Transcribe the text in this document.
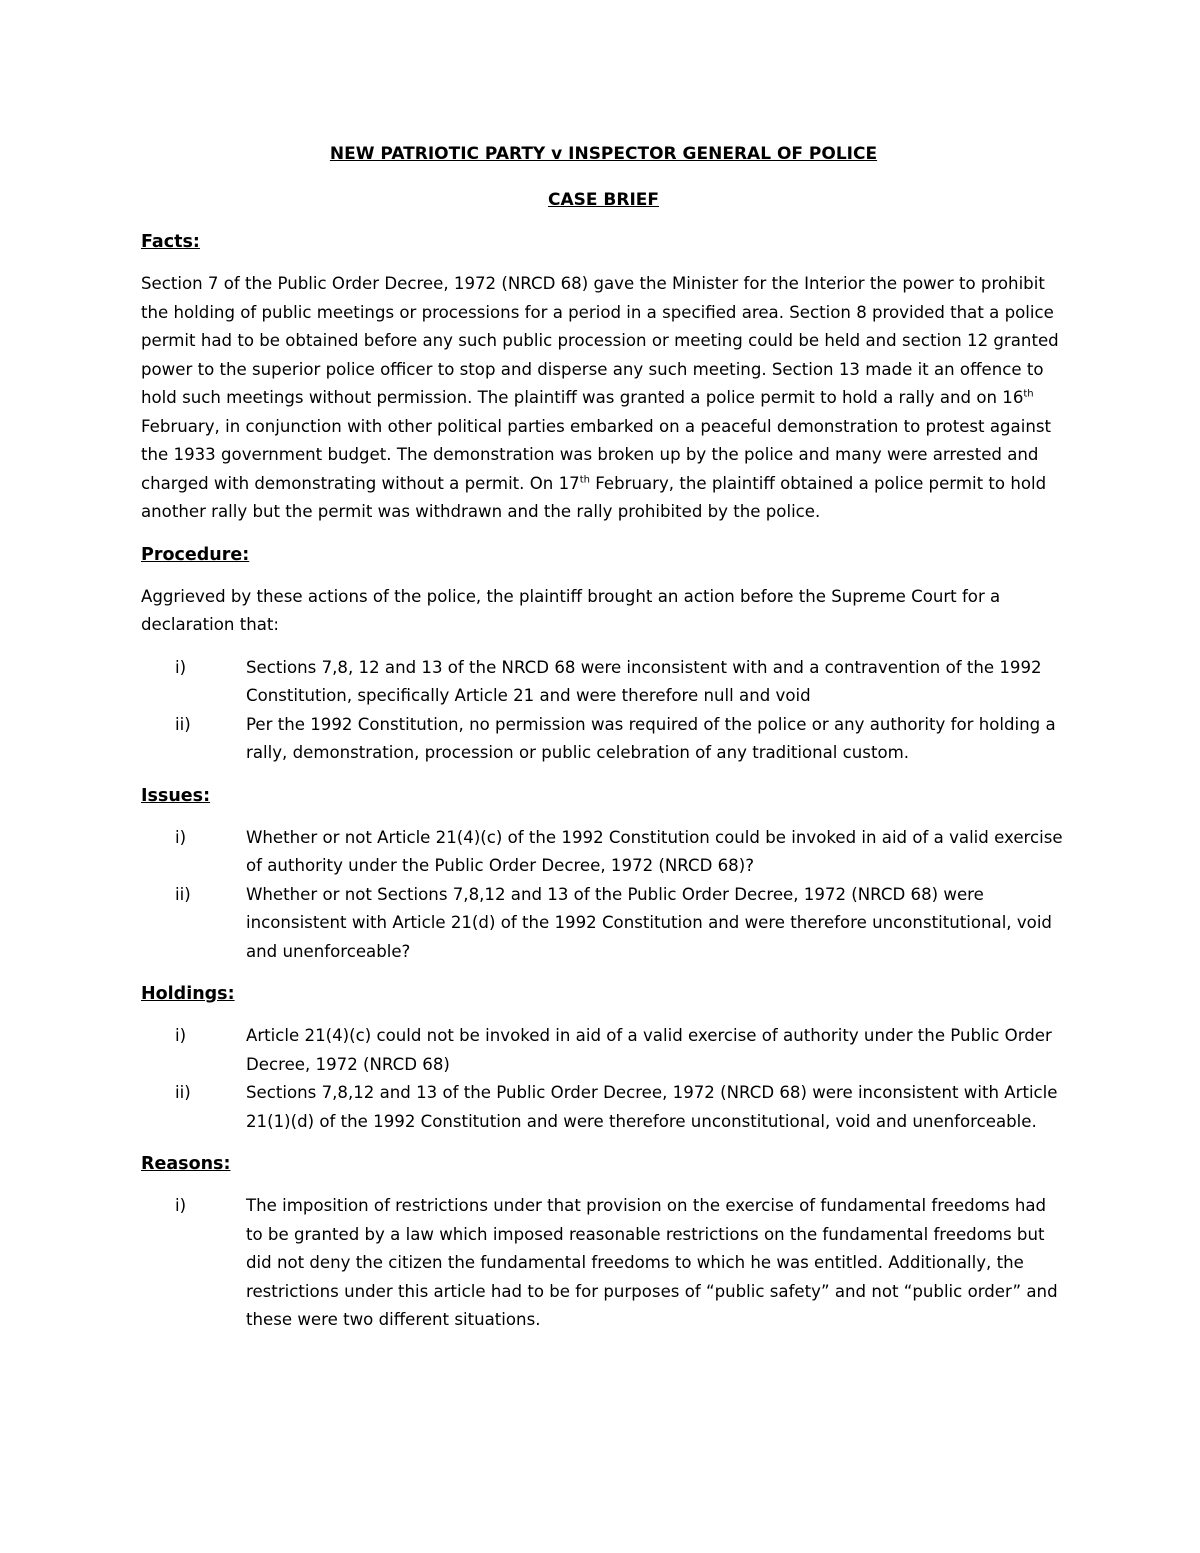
NEW PATRIOTIC PARTY v INSPECTOR GENERAL OF POLICE

CASE BRIEF

Facts:

Section 7 of the Public Order Decree, 1972 (NRCD 68) gave the Minister for the Interior the power to prohibit the holding of public meetings or processions for a period in a specified area. Section 8 provided that a police permit had to be obtained before any such public procession or meeting could be held and section 12 granted power to the superior police officer to stop and disperse any such meeting. Section 13 made it an offence to hold such meetings without permission. The plaintiff was granted a police permit to hold a rally and on 16th February, in conjunction with other political parties embarked on a peaceful demonstration to protest against the 1933 government budget. The demonstration was broken up by the police and many were arrested and charged with demonstrating without a permit. On 17th February, the plaintiff obtained a police permit to hold another rally but the permit was withdrawn and the rally prohibited by the police.

Procedure:

Aggrieved by these actions of the police, the plaintiff brought an action before the Supreme Court for a declaration that:

i)	Sections 7,8, 12 and 13 of the NRCD 68 were inconsistent with and a contravention of the 1992 Constitution, specifically Article 21 and were therefore null and void
ii)	Per the 1992 Constitution, no permission was required of the police or any authority for holding a rally, demonstration, procession or public celebration of any traditional custom.

Issues:

i)	Whether or not Article 21(4)(c) of the 1992 Constitution could be invoked in aid of a valid exercise of authority under the Public Order Decree, 1972 (NRCD 68)?
ii)	Whether or not Sections 7,8,12 and 13 of the Public Order Decree, 1972 (NRCD 68) were inconsistent with Article 21(d) of the 1992 Constitution and were therefore unconstitutional, void and unenforceable?

Holdings:

i)	Article 21(4)(c) could not be invoked in aid of a valid exercise of authority under the Public Order Decree, 1972 (NRCD 68)
ii)	Sections 7,8,12 and 13 of the Public Order Decree, 1972 (NRCD 68) were inconsistent with Article 21(1)(d) of the 1992 Constitution and were therefore unconstitutional, void and unenforceable.

Reasons:

i)	The imposition of restrictions under that provision on the exercise of fundamental freedoms had to be granted by a law which imposed reasonable restrictions on the fundamental freedoms but did not deny the citizen the fundamental freedoms to which he was entitled. Additionally, the restrictions under this article had to be for purposes of “public safety” and not “public order” and these were two different situations.
